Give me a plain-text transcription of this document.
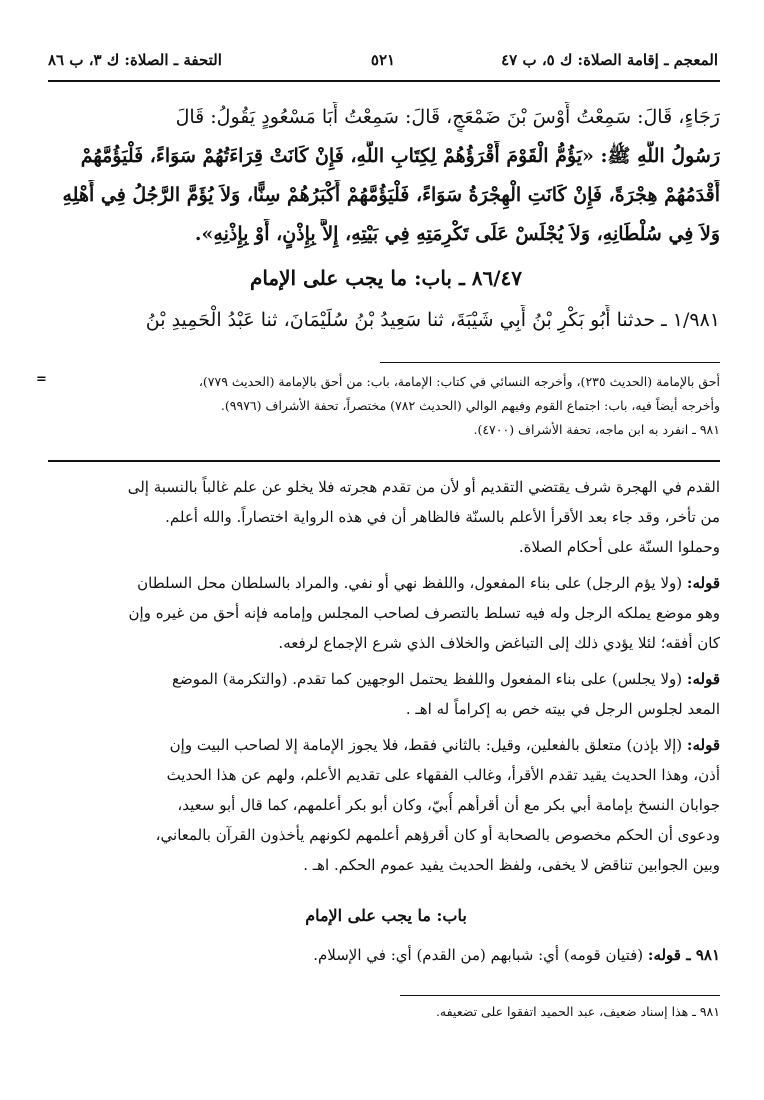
المعجم ـ إقامة الصلاة: ك ٥، ب ٤٧
٥٢١
التحفة ـ الصلاة: ك ٣، ب ٨٦
رَجَاءٍ، قَالَ: سَمِعْتُ أَوْسَ بْنَ ضَمْعَجٍ، قَالَ: سَمِعْتُ أَبَا مَسْعُودٍ يَقُولُ: قَالَ
رَسُولُ اللَّهِ ﷺ: «يَؤُمُّ الْقَوْمَ أَقْرَؤُهُمْ لِكِتَابِ اللَّهِ، فَإِنْ كَانَتْ قِرَاءَتُهُمْ سَوَاءً، فَلْيَؤُمَّهُمْ
أَقْدَمُهُمْ هِجْرَةً، فَإِنْ كَانَتِ الْهِجْرَةُ سَوَاءً، فَلْيَؤُمَّهُمْ أَكْبَرُهُمْ سِنًّا، وَلاَ يُؤَمَّ الرَّجُلُ فِي أَهْلِهِ
وَلاَ فِي سُلْطَانِهِ، وَلاَ يُجْلَسْ عَلَى تَكْرِمَتِهِ فِي بَيْتِهِ، إِلاَّ بِإِذْنٍ، أَوْ بِإِذْنِهِ».
٨٦/٤٧ ـ باب: ما يجب على الإمام
١/٩٨١ ـ حدثنا أَبُو بَكْرِ بْنُ أَبِي شَيْبَةَ، ثنا سَعِيدُ بْنُ سُلَيْمَانَ، ثنا عَبْدُ الْحَمِيدِ بْنُ
=	أحق بالإمامة (الحديث ٢٣٥)، وأخرجه النسائي في كتاب: الإمامة، باب: من أحق بالإمامة (الحديث ٧٧٩)،
وأخرجه أيضاً فيه، باب: اجتماع القوم وفيهم الوالي (الحديث ٧٨٢) مختصراً، تحفة الأشراف (٩٩٧٦).
٩٨١ ـ انفرد به ابن ماجه، تحفة الأشراف (٤٧٠٠).
القدم في الهجرة شرف يقتضي التقديم أو لأن من تقدم هجرته فلا يخلو عن علم غالباً بالنسبة إلى
من تأخر، وقد جاء بعد الأقرأ الأعلم بالسنّة فالظاهر أن في هذه الرواية اختصاراً. والله أعلم.
وحملوا السنّة على أحكام الصلاة.
قوله: (ولا يؤم الرجل) على بناء المفعول، واللفظ نهي أو نفي. والمراد بالسلطان محل السلطان
وهو موضع يملكه الرجل وله فيه تسلط بالتصرف لصاحب المجلس وإمامه فإنه أحق من غيره وإن
كان أفقه؛ لئلا يؤدي ذلك إلى التباغض والخلاف الذي شرع الإجماع لرفعه.
قوله: (ولا يجلس) على بناء المفعول واللفظ يحتمل الوجهين كما تقدم. (والتكرمة) الموضع
المعد لجلوس الرجل في بيته خص به إكراماً له اهـ .
قوله: (إلا بإذن) متعلق بالفعلين، وقيل: بالثاني فقط، فلا يجوز الإمامة إلا لصاحب البيت وإن
أذن، وهذا الحديث يقيد تقدم الأقرأ، وغالب الفقهاء على تقديم الأعلم، ولهم عن هذا الحديث
جوابان النسخ بإمامة أبي بكر مع أن أقرأهم أُبيّ، وكان أبو بكر أعلمهم، كما قال أبو سعيد،
ودعوى أن الحكم مخصوص بالصحابة أو كان أقرؤهم أعلمهم لكونهم يأخذون القرآن بالمعاني،
وبين الجوابين تناقض لا يخفى، ولفظ الحديث يفيد عموم الحكم. اهـ .
باب: ما يجب على الإمام
٩٨١ ـ قوله: (فتيان قومه) أي: شبابهم (من القدم) أي: في الإسلام.
٩٨١ ـ هذا إسناد ضعيف، عبد الحميد اتفقوا على تضعيفه.
